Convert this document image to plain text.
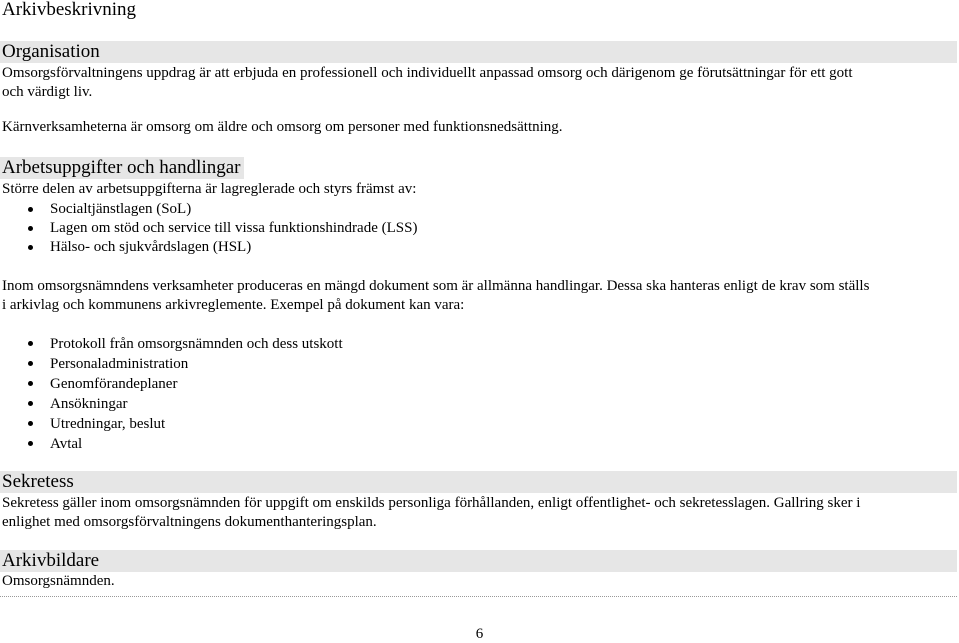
Arkivbeskrivning
Organisation

Omsorgsförvaltningens uppdrag är att erbjuda en professionell och individuellt anpassad omsorg och därigenom ge förutsättningar för ett gott

och värdigt liv.

Kärnverksamheterna är omsorg om äldre och omsorg om personer med funktionsnedsättning.

Arbetsuppgifter och handlingar

Större delen av arbetsuppgifterna är lagreglerade och styrs främst av:

Socialtjänstlagen (SoL)
Lagen om stöd och service till vissa funktionshindrade (LSS)
Hälso- och sjukvårdslagen (HSL)

Inom omsorgsnämndens verksamheter produceras en mängd dokument som är allmänna handlingar. Dessa ska hanteras enligt de krav som ställs

i arkivlag och kommunens arkivreglemente. Exempel på dokument kan vara:

Protokoll från omsorgsnämnden och dess utskott
Personaladministration
Genomförandeplaner
Ansökningar
Utredningar, beslut
Avtal
Sekretess

Sekretess gäller inom omsorgsnämnden för uppgift om enskilds personliga förhållanden, enligt offentlighet- och sekretesslagen. Gallring sker i

enlighet med omsorgsförvaltningens dokumenthanteringsplan.

Arkivbildare

Omsorgsnämnden.

6
